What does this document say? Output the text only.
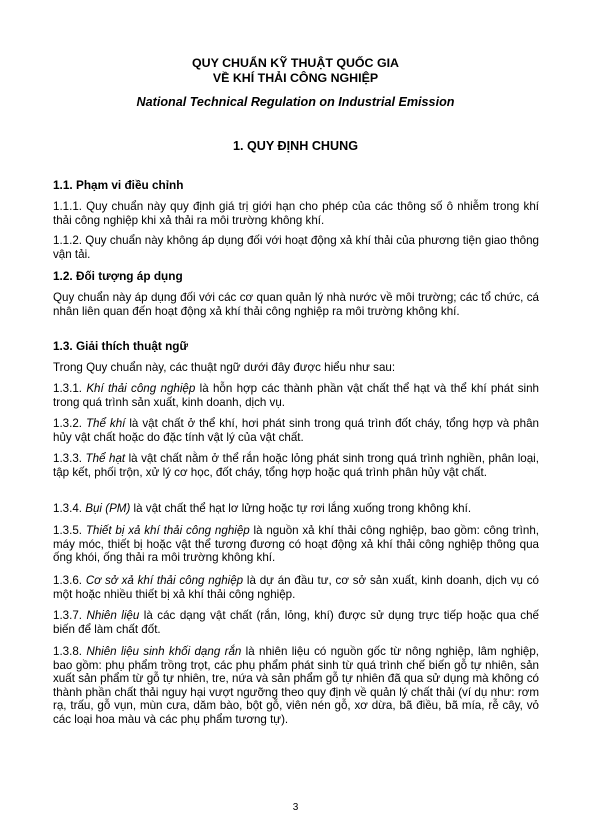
QUY CHUẨN KỸ THUẬT QUỐC GIA
VỀ KHÍ THẢI CÔNG NGHIỆP
National Technical Regulation on Industrial Emission
1. QUY ĐỊNH CHUNG
1.1. Phạm vi điều chỉnh
1.1.1. Quy chuẩn này quy định giá trị giới hạn cho phép của các thông số ô nhiễm trong khí thải công nghiệp khi xả thải ra môi trường không khí.
1.1.2. Quy chuẩn này không áp dụng đối với hoạt động xả khí thải của phương tiện giao thông vận tải.
1.2. Đối tượng áp dụng
Quy chuẩn này áp dụng đối với các cơ quan quản lý nhà nước về môi trường; các tổ chức, cá nhân liên quan đến hoạt động xả khí thải công nghiệp ra môi trường không khí.
1.3. Giải thích thuật ngữ
Trong Quy chuẩn này, các thuật ngữ dưới đây được hiểu như sau:
1.3.1. Khí thải công nghiệp là hỗn hợp các thành phần vật chất thể hạt và thể khí phát sinh trong quá trình sản xuất, kinh doanh, dịch vụ.
1.3.2. Thể khí là vật chất ở thể khí, hơi phát sinh trong quá trình đốt cháy, tổng hợp và phân hủy vật chất hoặc do đặc tính vật lý của vật chất.
1.3.3. Thể hạt là vật chất nằm ở thể rắn hoặc lỏng phát sinh trong quá trình nghiền, phân loại, tập kết, phối trộn, xử lý cơ học, đốt cháy, tổng hợp hoặc quá trình phân hủy vật chất.
1.3.4. Bụi (PM) là vật chất thể hạt lơ lửng hoặc tự rơi lắng xuống trong không khí.
1.3.5. Thiết bị xả khí thải công nghiệp là nguồn xả khí thải công nghiệp, bao gồm: công trình, máy móc, thiết bị hoặc vật thể tương đương có hoạt động xả khí thải công nghiệp thông qua ống khói, ống thải ra môi trường không khí.
1.3.6. Cơ sở xả khí thải công nghiệp là dự án đầu tư, cơ sở sản xuất, kinh doanh, dịch vụ có một hoặc nhiều thiết bị xả khí thải công nghiệp.
1.3.7. Nhiên liệu là các dạng vật chất (rắn, lỏng, khí) được sử dụng trực tiếp hoặc qua chế biến để làm chất đốt.
1.3.8. Nhiên liệu sinh khối dạng rắn là nhiên liệu có nguồn gốc từ nông nghiệp, lâm nghiệp, bao gồm: phụ phẩm trồng trọt, các phụ phẩm phát sinh từ quá trình chế biến gỗ tự nhiên, sản xuất sản phẩm từ gỗ tự nhiên, tre, nứa và sản phẩm gỗ tự nhiên đã qua sử dụng mà không có thành phần chất thải nguy hại vượt ngưỡng theo quy định về quản lý chất thải (ví dụ như: rơm rạ, trấu, gỗ vụn, mùn cưa, dăm bào, bột gỗ, viên nén gỗ, xơ dừa, bã điều, bã mía, rễ cây, vỏ các loại hoa màu và các phụ phẩm tương tự).
3
